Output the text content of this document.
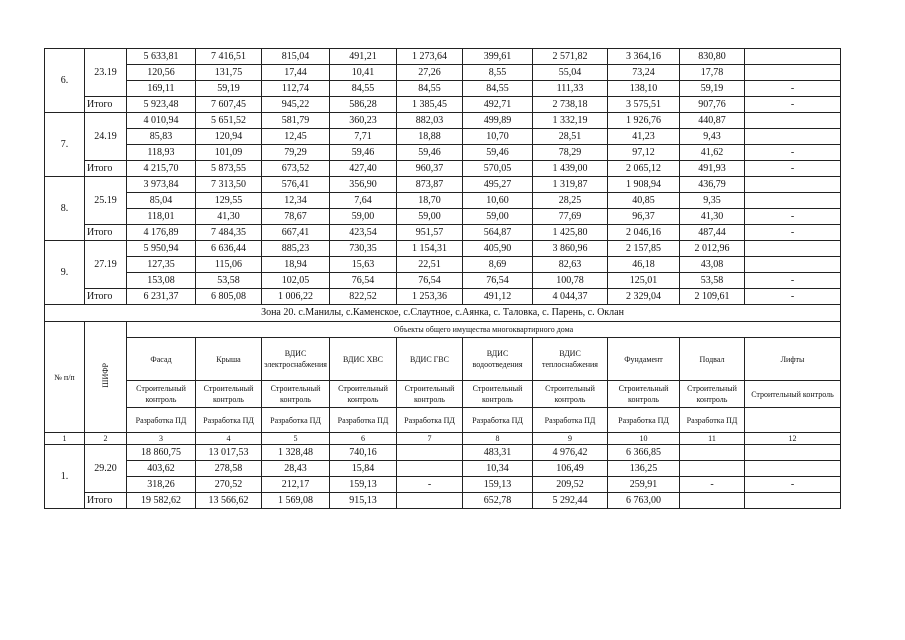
6.	23.19	5 633,81	7 416,51	815,04	491,21	1 273,64	399,61	2 571,82	3 364,16	830,80	
		120,56	131,75	17,44	10,41	27,26	8,55	55,04	73,24	17,78	
		169,11	59,19	112,74	84,55	84,55	84,55	111,33	138,10	59,19	-
	Итого	5 923,48	7 607,45	945,22	586,28	1 385,45	492,71	2 738,18	3 575,51	907,76	-
7.	24.19	4 010,94	5 651,52	581,79	360,23	882,03	499,89	1 332,19	1 926,76	440,87	
		85,83	120,94	12,45	7,71	18,88	10,70	28,51	41,23	9,43	
		118,93	101,09	79,29	59,46	59,46	59,46	78,29	97,12	41,62	-
	Итого	4 215,70	5 873,55	673,52	427,40	960,37	570,05	1 439,00	2 065,12	491,93	-
8.	25.19	3 973,84	7 313,50	576,41	356,90	873,87	495,27	1 319,87	1 908,94	436,79	
		85,04	129,55	12,34	7,64	18,70	10,60	28,25	40,85	9,35	
		118,01	41,30	78,67	59,00	59,00	59,00	77,69	96,37	41,30	-
	Итого	4 176,89	7 484,35	667,41	423,54	951,57	564,87	1 425,80	2 046,16	487,44	-
9.	27.19	5 950,94	6 636,44	885,23	730,35	1 154,31	405,90	3 860,96	2 157,85	2 012,96	
		127,35	115,06	18,94	15,63	22,51	8,69	82,63	46,18	43,08	
		153,08	53,58	102,05	76,54	76,54	76,54	100,78	125,01	53,58	-
	Итого	6 231,37	6 805,08	1 006,22	822,52	1 253,36	491,12	4 044,37	2 329,04	2 109,61	-
Зона 20. с.Манилы, с.Каменское, с.Слаутное, с.Аянка, с. Таловка, с. Парень, с. Оклан											
№ п/п	ШИФР	Объекты общего имущества многоквартирного дома									
		Фасад	Крыша	ВДИС электроснабжения	ВДИС ХВС	ВДИС ГВС	ВДИС водоотведения	ВДИС теплоснабжения	Фундамент	Подвал	Лифты
		Строительный контроль	Строительный контроль	Строительный контроль	Строительный контроль	Строительный контроль	Строительный контроль	Строительный контроль	Строительный контроль	Строительный контроль	Строительный контроль
		Разработка ПД	Разработка ПД	Разработка ПД	Разработка ПД	Разработка ПД	Разработка ПД	Разработка ПД	Разработка ПД	Разработка ПД	
1	2	3	4	5	6	7	8	9	10	11	12
1.	29.20	18 860,75	13 017,53	1 328,48	740,16		483,31	4 976,42	6 366,85		
		403,62	278,58	28,43	15,84		10,34	106,49	136,25		
		318,26	270,52	212,17	159,13	-	159,13	209,52	259,91	-	-
	Итого	19 582,62	13 566,62	1 569,08	915,13		652,78	5 292,44	6 763,00		
